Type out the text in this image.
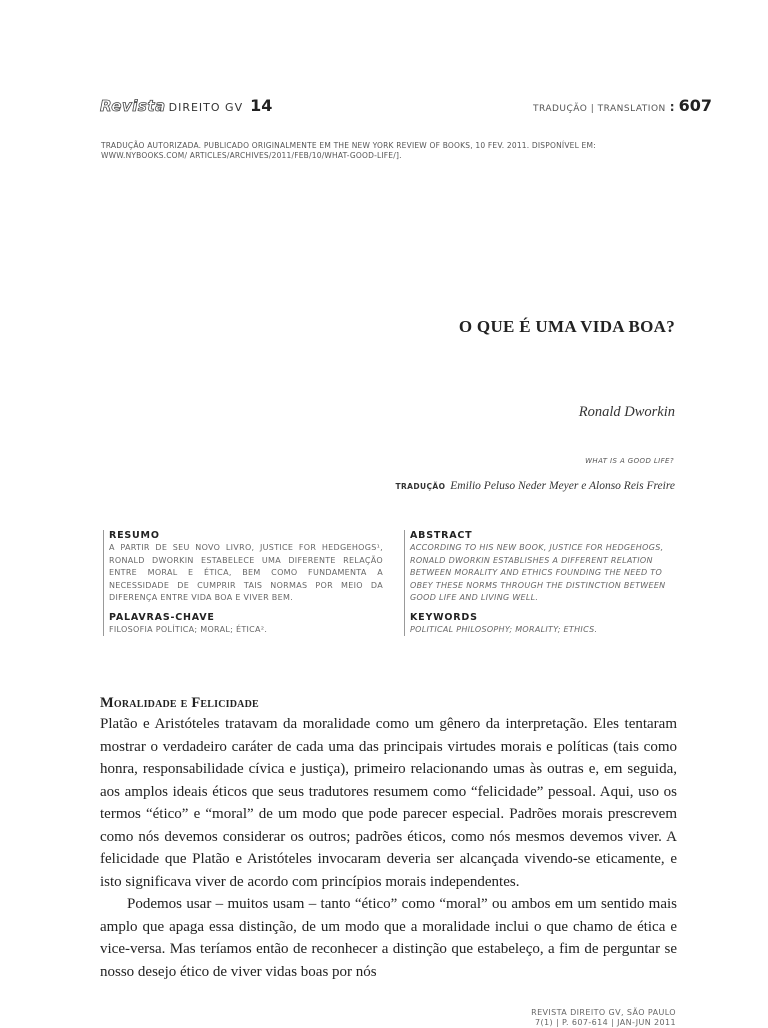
Revista DIREITO GV 14	TRADUÇÃO | TRANSLATION : 607
TRADUÇÃO AUTORIZADA. PUBLICADO ORIGINALMENTE EM THE NEW YORK REVIEW OF BOOKS, 10 FEV. 2011. DISPONÍVEL EM: WWW.NYBOOKS.COM/ ARTICLES/ARCHIVES/2011/FEB/10/WHAT-GOOD-LIFE/].
O QUE É UMA VIDA BOA?
Ronald Dworkin
WHAT IS A GOOD LIFE?
TRADUÇÃO Emilio Peluso Neder Meyer e Alonso Reis Freire
RESUMO
A PARTIR DE SEU NOVO LIVRO, JUSTICE FOR HEDGEHOGS¹, RONALD DWORKIN ESTABELECE UMA DIFERENTE RELAÇÃO ENTRE MORAL E ÉTICA, BEM COMO FUNDAMENTA A NECESSIDADE DE CUMPRIR TAIS NORMAS POR MEIO DA DIFERENÇA ENTRE VIDA BOA E VIVER BEM.
PALAVRAS-CHAVE
FILOSOFIA POLÍTICA; MORAL; ÉTICA².
ABSTRACT
ACCORDING TO HIS NEW BOOK, JUSTICE FOR HEDGEHOGS, RONALD DWORKIN ESTABLISHES A DIFFERENT RELATION BETWEEN MORALITY AND ETHICS FOUNDING THE NEED TO OBEY THESE NORMS THROUGH THE DISTINCTION BETWEEN GOOD LIFE AND LIVING WELL.
KEYWORDS
POLITICAL PHILOSOPHY; MORALITY; ETHICS.
Moralidade e Felicidade

Platão e Aristóteles tratavam da moralidade como um gênero da interpretação. Eles tentaram mostrar o verdadeiro caráter de cada uma das principais virtudes morais e políticas (tais como honra, responsabilidade cívica e justiça), primeiro relacionando umas às outras e, em seguida, aos amplos ideais éticos que seus tradutores resumem como “felicidade” pessoal. Aqui, uso os termos “ético” e “moral” de um modo que pode parecer especial. Padrões morais prescrevem como nós devemos considerar os outros; padrões éticos, como nós mesmos devemos viver. A felicidade que Platão e Aristóteles invocaram deveria ser alcançada vivendo-se eticamente, e isto significava viver de acordo com princípios morais independentes.

Podemos usar – muitos usam – tanto “ético” como “moral” ou ambos em um sentido mais amplo que apaga essa distinção, de um modo que a moralidade inclui o que chamo de ética e vice-versa. Mas teríamos então de reconhecer a distinção que estabeleço, a fim de perguntar se nosso desejo ético de viver vidas boas por nós

REVISTA DIREITO GV, SÃO PAULO
7(1) | P. 607-614 | JAN-JUN 2011
